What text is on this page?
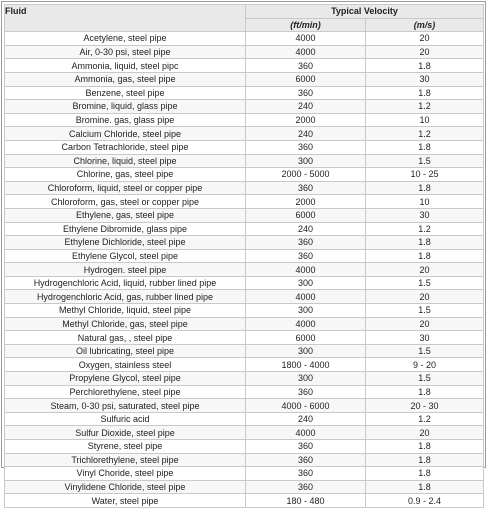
Fluid	Typical Velocity	
	(ft/min)	(m/s)
Acetylene, steel pipe	4000	20
Air, 0-30 psi, steel pipe	4000	20
Ammonia, liquid, steel pipc	360	1.8
Ammonia, gas, steel pipe	6000	30
Benzene, steel pipe	360	1.8
Bromine, liquid, glass pipe	240	1.2
Bromine. gas, glass pipe	2000	10
Calcium Chloride, steel pipe	240	1.2
Carbon Tetrachloride, steel pipe	360	1.8
Chlorine, liquid, steel pipe	300	1.5
Chlorine, gas, steel pipe	2000 - 5000	10 - 25
Chloroform, liquid, steel or copper pipe	360	1.8
Chloroform, gas, steel or copper pipe	2000	10
Ethylene, gas, steel pipe	6000	30
Ethylene Dibromide, glass pipe	240	1.2
Ethylene Dichloride, steel pipe	360	1.8
Ethylene Glycol, steel pipe	360	1.8
Hydrogen. steel pipe	4000	20
Hydrogenchloric Acid, liquid, rubber lined pipe	300	1.5
Hydrogenchloric Acid, gas, rubber lined pipe	4000	20
Methyl Chloride, liquid, steel pipe	300	1.5
Methyl Chloride, gas, steel pipe	4000	20
Natural gas, , steel pipe	6000	30
Oil lubricating, steel pipe	300	1.5
Oxygen, stainless steel	1800 - 4000	9 - 20
Propylene Glycol, steel pipe	300	1.5
Perchlorethylene, steel pipe	360	1.8
Steam, 0-30 psi, saturated, steel pipe	4000 - 6000	20 - 30
Sulfuric acid	240	1.2
Sulfur Dioxide, steel pipe	4000	20
Styrene, steel pipe	360	1.8
Trichlorethylene, steel pipe	360	1.8
Vinyl Choride, steel pipe	360	1.8
Vinylidene Chloride, steel pipe	360	1.8
Water, steel pipe	180 - 480	0.9 - 2.4
